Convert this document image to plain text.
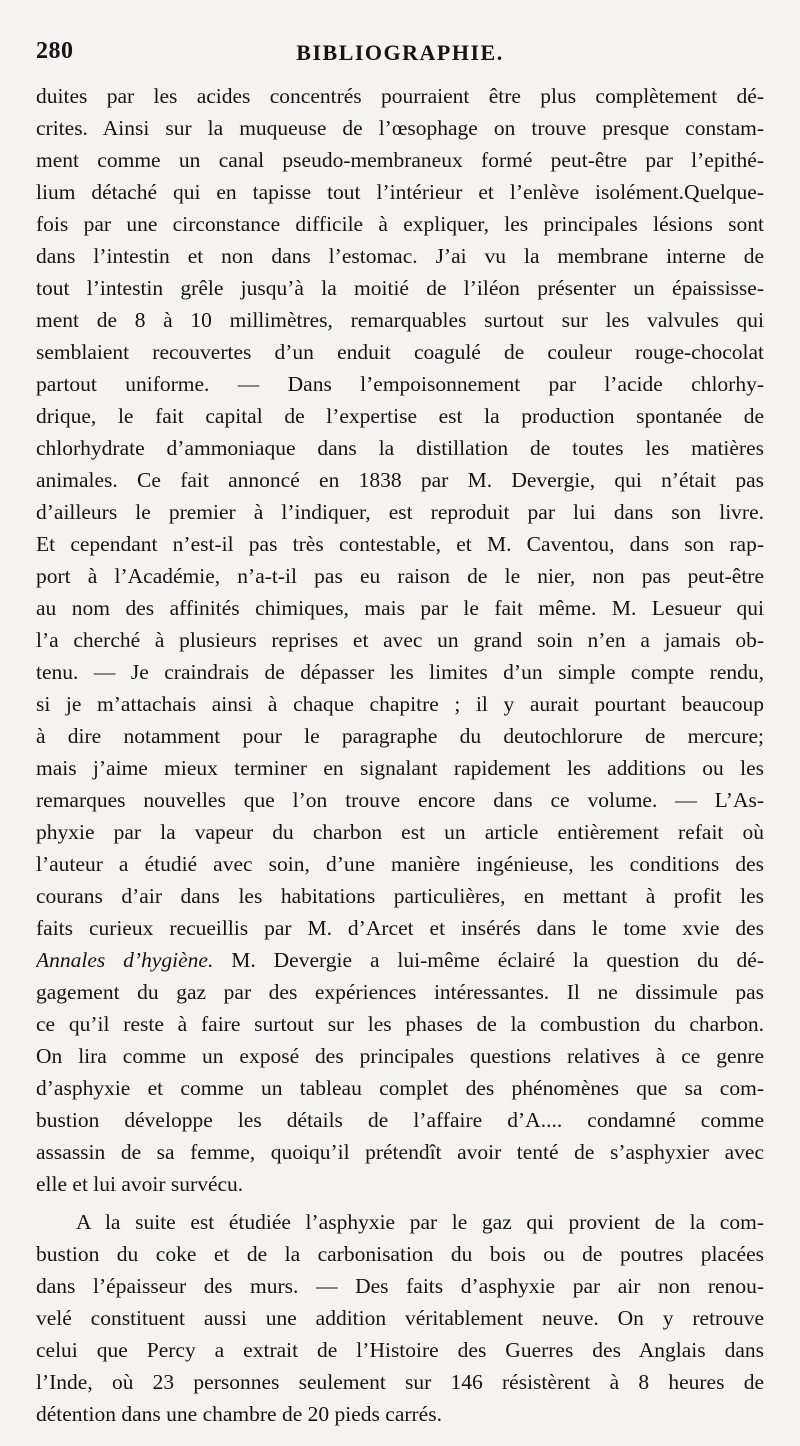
280	BIBLIOGRAPHIE.
duites par les acides concentrés pourraient être plus complètement dé-
crites. Ainsi sur la muqueuse de l’œsophage on trouve presque constam-
ment comme un canal pseudo-membraneux formé peut-être par l’epithé-
lium détaché qui en tapisse tout l’intérieur et l’enlève isolément.Quelque-
fois par une circonstance difficile à expliquer, les principales lésions sont
dans l’intestin et non dans l’estomac. J’ai vu la membrane interne de
tout l’intestin grêle jusqu’à la moitié de l’iléon présenter un épaississe-
ment de 8 à 10 millimètres, remarquables surtout sur les valvules qui
semblaient recouvertes d’un enduit coagulé de couleur rouge-chocolat
partout uniforme. — Dans l’empoisonnement par l’acide chlorhy-
drique, le fait capital de l’expertise est la production spontanée de
chlorhydrate d’ammoniaque dans la distillation de toutes les matières
animales. Ce fait annoncé en 1838 par M. Devergie, qui n’était pas
d’ailleurs le premier à l’indiquer, est reproduit par lui dans son livre.
Et cependant n’est-il pas très contestable, et M. Caventou, dans son rap-
port à l’Académie, n’a-t-il pas eu raison de le nier, non pas peut-être
au nom des affinités chimiques, mais par le fait même. M. Lesueur qui
l’a cherché à plusieurs reprises et avec un grand soin n’en a jamais ob-
tenu. — Je craindrais de dépasser les limites d’un simple compte rendu,
si je m’attachais ainsi à chaque chapitre ; il y aurait pourtant beaucoup
à dire notamment pour le paragraphe du deutochlorure de mercure;
mais j’aime mieux terminer en signalant rapidement les additions ou les
remarques nouvelles que l’on trouve encore dans ce volume. — L’As-
phyxie par la vapeur du charbon est un article entièrement refait où
l’auteur a étudié avec soin, d’une manière ingénieuse, les conditions des
courans d’air dans les habitations particulières, en mettant à profit les
faits curieux recueillis par M. d’Arcet et insérés dans le tome xvie des
Annales d’hygiène. M. Devergie a lui-même éclairé la question du dé-
gagement du gaz par des expériences intéressantes. Il ne dissimule pas
ce qu’il reste à faire surtout sur les phases de la combustion du charbon.
On lira comme un exposé des principales questions relatives à ce genre
d’asphyxie et comme un tableau complet des phénomènes que sa com-
bustion développe les détails de l’affaire d’A.... condamné comme
assassin de sa femme, quoiqu’il prétendît avoir tenté de s’asphyxier avec
elle et lui avoir survécu.
A la suite est étudiée l’asphyxie par le gaz qui provient de la com-
bustion du coke et de la carbonisation du bois ou de poutres placées
dans l’épaisseur des murs. — Des faits d’asphyxie par air non renou-
velé constituent aussi une addition véritablement neuve. On y retrouve
celui que Percy a extrait de l’Histoire des Guerres des Anglais dans
l’Inde, où 23 personnes seulement sur 146 résistèrent à 8 heures de
détention dans une chambre de 20 pieds carrés.
